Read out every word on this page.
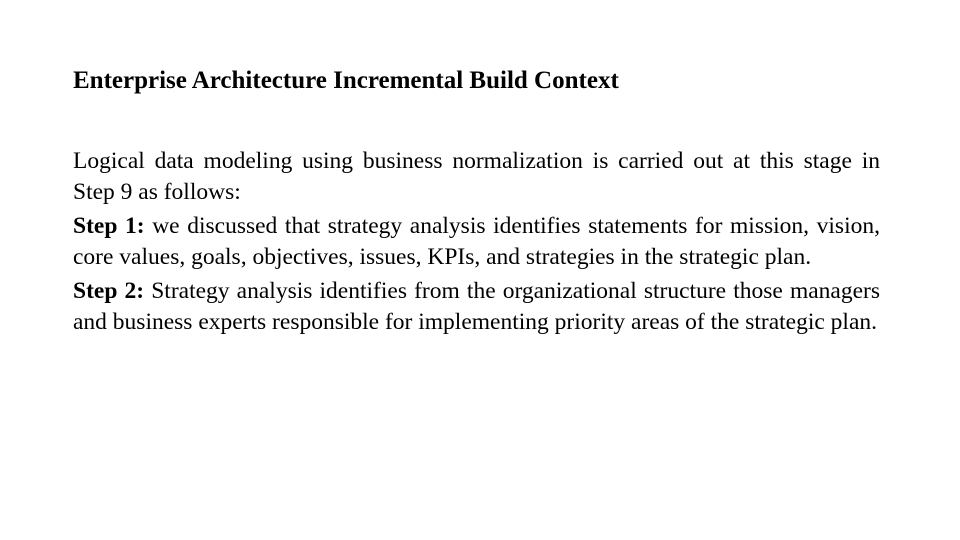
Enterprise Architecture Incremental Build Context

Logical data modeling using business normalization is carried out at this stage in Step 9 as follows:

Step 1: we discussed that strategy analysis identifies statements for mission, vision, core values, goals, objectives, issues, KPIs, and strategies in the strategic plan.

Step 2: Strategy analysis identifies from the organizational structure those managers and business experts responsible for implementing priority areas of the strategic plan.
